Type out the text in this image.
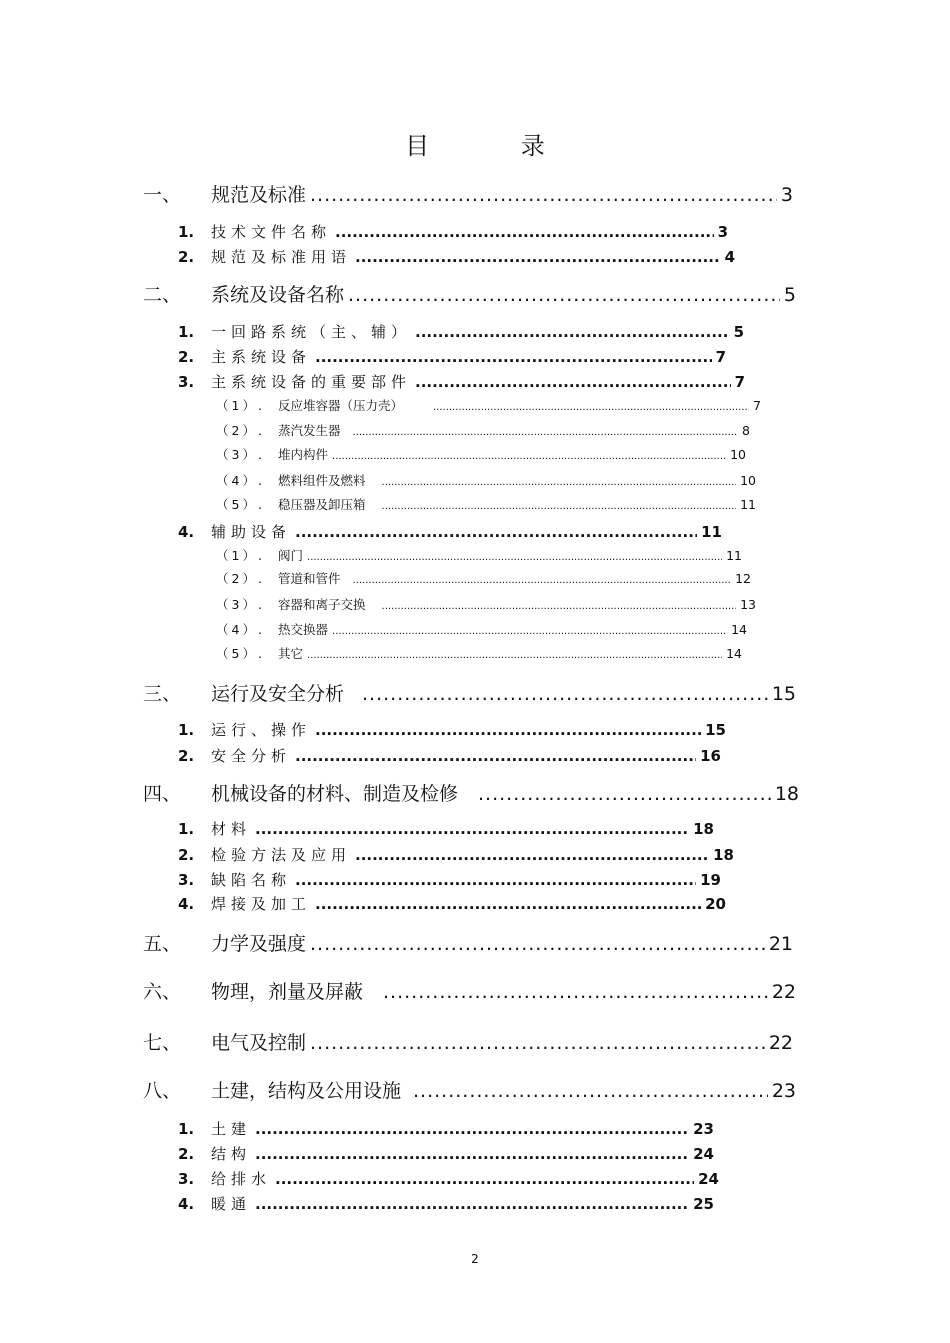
目 录
一、	规范及标准 .....	3
1.	技术文件名称 .....	3
2.	规范及标准用语 .....	4
二、	系统及设备名称 .....	5
1.	一回路系统（主、辅） .....	5
2.	主系统设备 .....	7
3.	主系统设备的重要部件 .....	7
（1）.	反应堆容器（压力壳） .....	7
（2）.	蒸汽发生器 .....	8
（3）.	堆内构件 .....	10
（4）.	燃料组件及燃料 .....	10
（5）.	稳压器及卸压箱 .....	11
4.	辅助设备 .....	11
（1）.	阀门 .....	11
（2）.	管道和管件 .....	12
（3）.	容器和离子交换 .....	13
（4）.	热交换器 .....	14
（5）.	其它 .....	14
三、	运行及安全分析 .....	15
1.	运行、操作 .....	15
2.	安全分析 .....	16
四、	机械设备的材料、制造及检修 .....	18
1.	材料 .....	18
2.	检验方法及应用 .....	18
3.	缺陷名称 .....	19
4.	焊接及加工 .....	20
五、	力学及强度 .....	21
六、	物理，剂量及屏蔽 .....	22
七、	电气及控制 .....	22
八、	土建，结构及公用设施 .....	23
1.	土建 .....	23
2.	结构 .....	24
3.	给排水 .....	24
4.	暖通 .....	25
2
